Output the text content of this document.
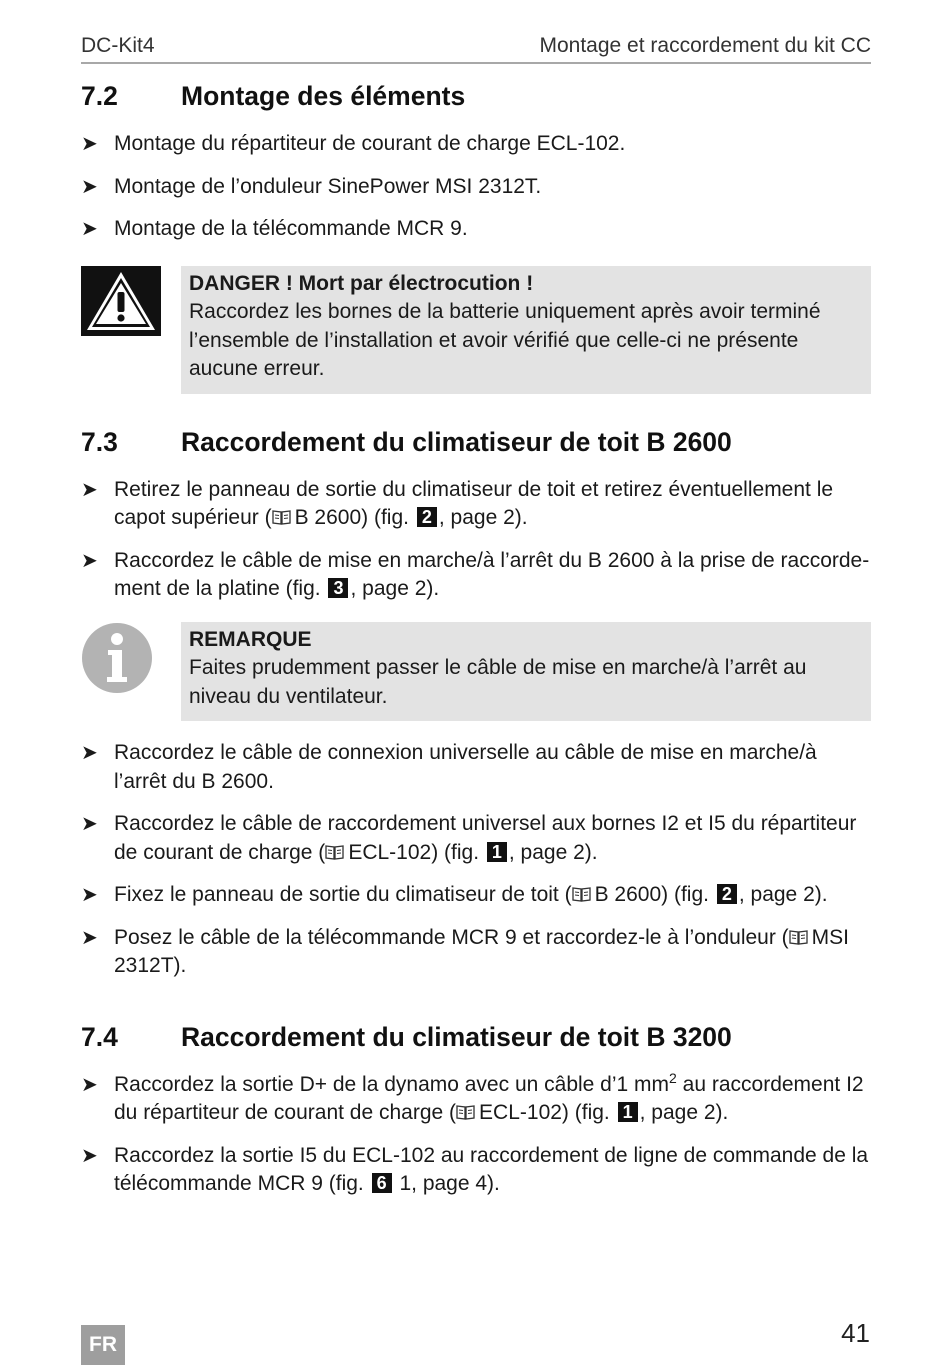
DC-Kit4	Montage et raccordement du kit CC
7.2	Montage des éléments
➤ Montage du répartiteur de courant de charge ECL-102.
➤ Montage de l’onduleur SinePower MSI 2312T.
➤ Montage de la télécommande MCR 9.
DANGER ! Mort par électrocution !
Raccordez les bornes de la batterie uniquement après avoir terminé l’ensemble de l’installation et avoir vérifié que celle-ci ne présente aucune erreur.
7.3	Raccordement du climatiseur de toit B 2600
➤ Retirez le panneau de sortie du climatiseur de toit et retirez éventuellement le capot supérieur ( B 2600) (fig. 2 , page 2).
➤ Raccordez le câble de mise en marche/à l’arrêt du B 2600 à la prise de raccorde-ment de la platine (fig. 3 , page 2).
REMARQUE
Faites prudemment passer le câble de mise en marche/à l’arrêt au niveau du ventilateur.
➤ Raccordez le câble de connexion universelle au câble de mise en marche/à l’arrêt du B 2600.
➤ Raccordez le câble de raccordement universel aux bornes I2 et I5 du répartiteur de courant de charge ( ECL-102) (fig. 1 , page 2).
➤ Fixez le panneau de sortie du climatiseur de toit ( B 2600) (fig. 2 , page 2).
➤ Posez le câble de la télécommande MCR 9 et raccordez-le à l’onduleur ( MSI 2312T).
7.4	Raccordement du climatiseur de toit B 3200
➤ Raccordez la sortie D+ de la dynamo avec un câble d’1 $mm^2$ au raccordement I2 du répartiteur de courant de charge ( ECL-102) (fig. 1 , page 2).
➤ Raccordez la sortie I5 du ECL-102 au raccordement de ligne de commande de la télécommande MCR 9 (fig. 6 1, page 4).
FR	41
